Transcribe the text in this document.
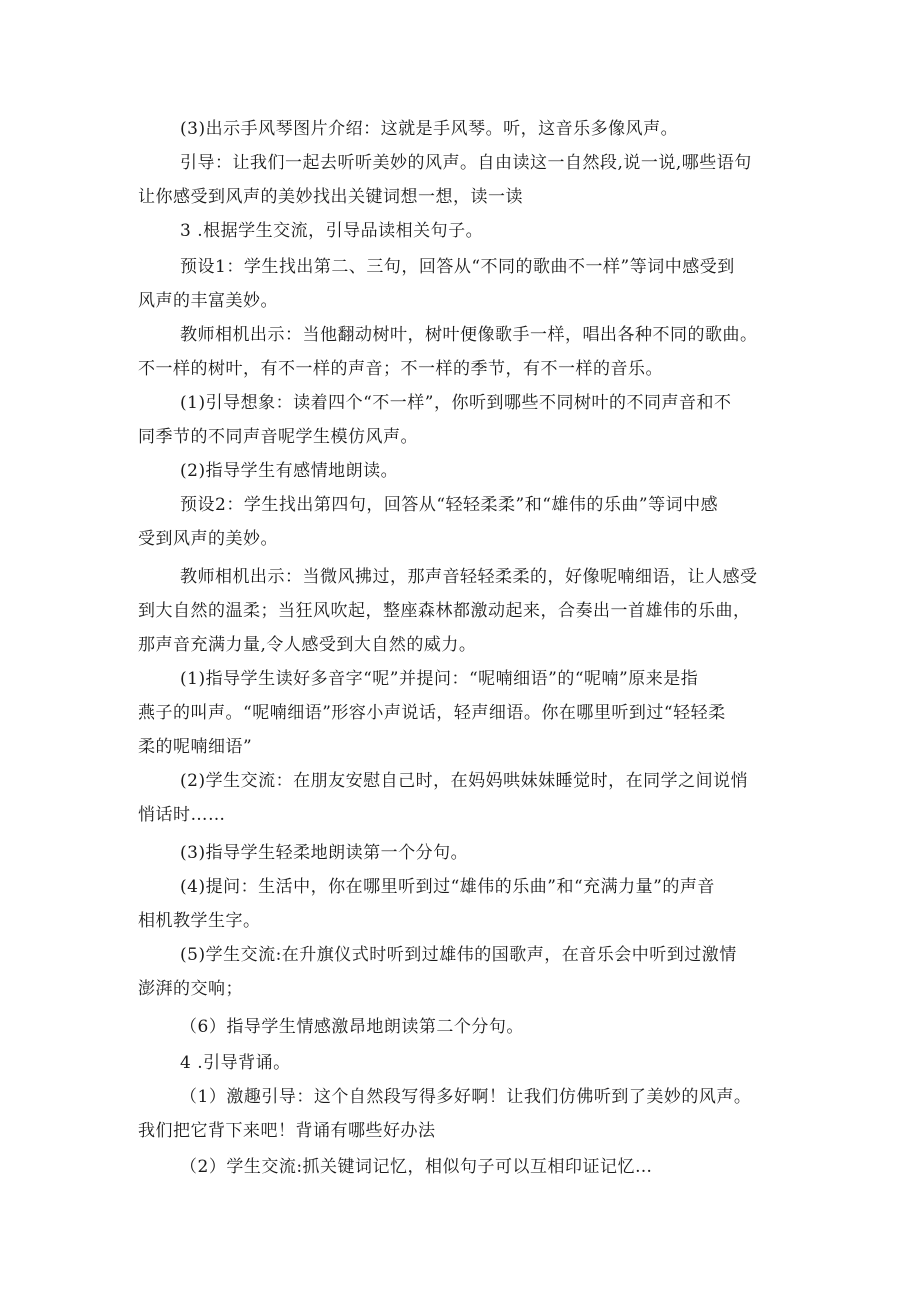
(3)出示手风琴图片介绍：这就是手风琴。听，这音乐多像风声。
引导：让我们一起去听听美妙的风声。自由读这一自然段,说一说,哪些语句
让你感受到风声的美妙找出关键词想一想，读一读
3 .根据学生交流，引导品读相关句子。
预设1：学生找出第二、三句，回答从“不同的歌曲不一样”等词中感受到
风声的丰富美妙。
教师相机出示：当他翻动树叶，树叶便像歌手一样，唱出各种不同的歌曲。
不一样的树叶，有不一样的声音；不一样的季节，有不一样的音乐。
(1)引导想象：读着四个“不一样”，你听到哪些不同树叶的不同声音和不
同季节的不同声音呢学生模仿风声。
(2)指导学生有感情地朗读。
预设2：学生找出第四句，回答从“轻轻柔柔”和“雄伟的乐曲”等词中感
受到风声的美妙。
教师相机出示：当微风拂过，那声音轻轻柔柔的，好像呢喃细语，让人感受
到大自然的温柔；当狂风吹起，整座森林都激动起来，合奏出一首雄伟的乐曲，
那声音充满力量,令人感受到大自然的威力。
(1)指导学生读好多音字“呢”并提问：“呢喃细语”的“呢喃”原来是指
燕子的叫声。“呢喃细语”形容小声说话，轻声细语。你在哪里听到过“轻轻柔
柔的呢喃细语”
(2)学生交流：在朋友安慰自己时，在妈妈哄妹妹睡觉时，在同学之间说悄
悄话时……
(3)指导学生轻柔地朗读第一个分句。
(4)提问：生活中，你在哪里听到过“雄伟的乐曲”和“充满力量”的声音
相机教学生字。
(5)学生交流:在升旗仪式时听到过雄伟的国歌声，在音乐会中听到过激情
澎湃的交响；
（6）指导学生情感激昂地朗读第二个分句。
4 .引导背诵。
（1）激趣引导：这个自然段写得多好啊！让我们仿佛听到了美妙的风声。
我们把它背下来吧！背诵有哪些好办法
（2）学生交流:抓关键词记忆，相似句子可以互相印证记忆…
